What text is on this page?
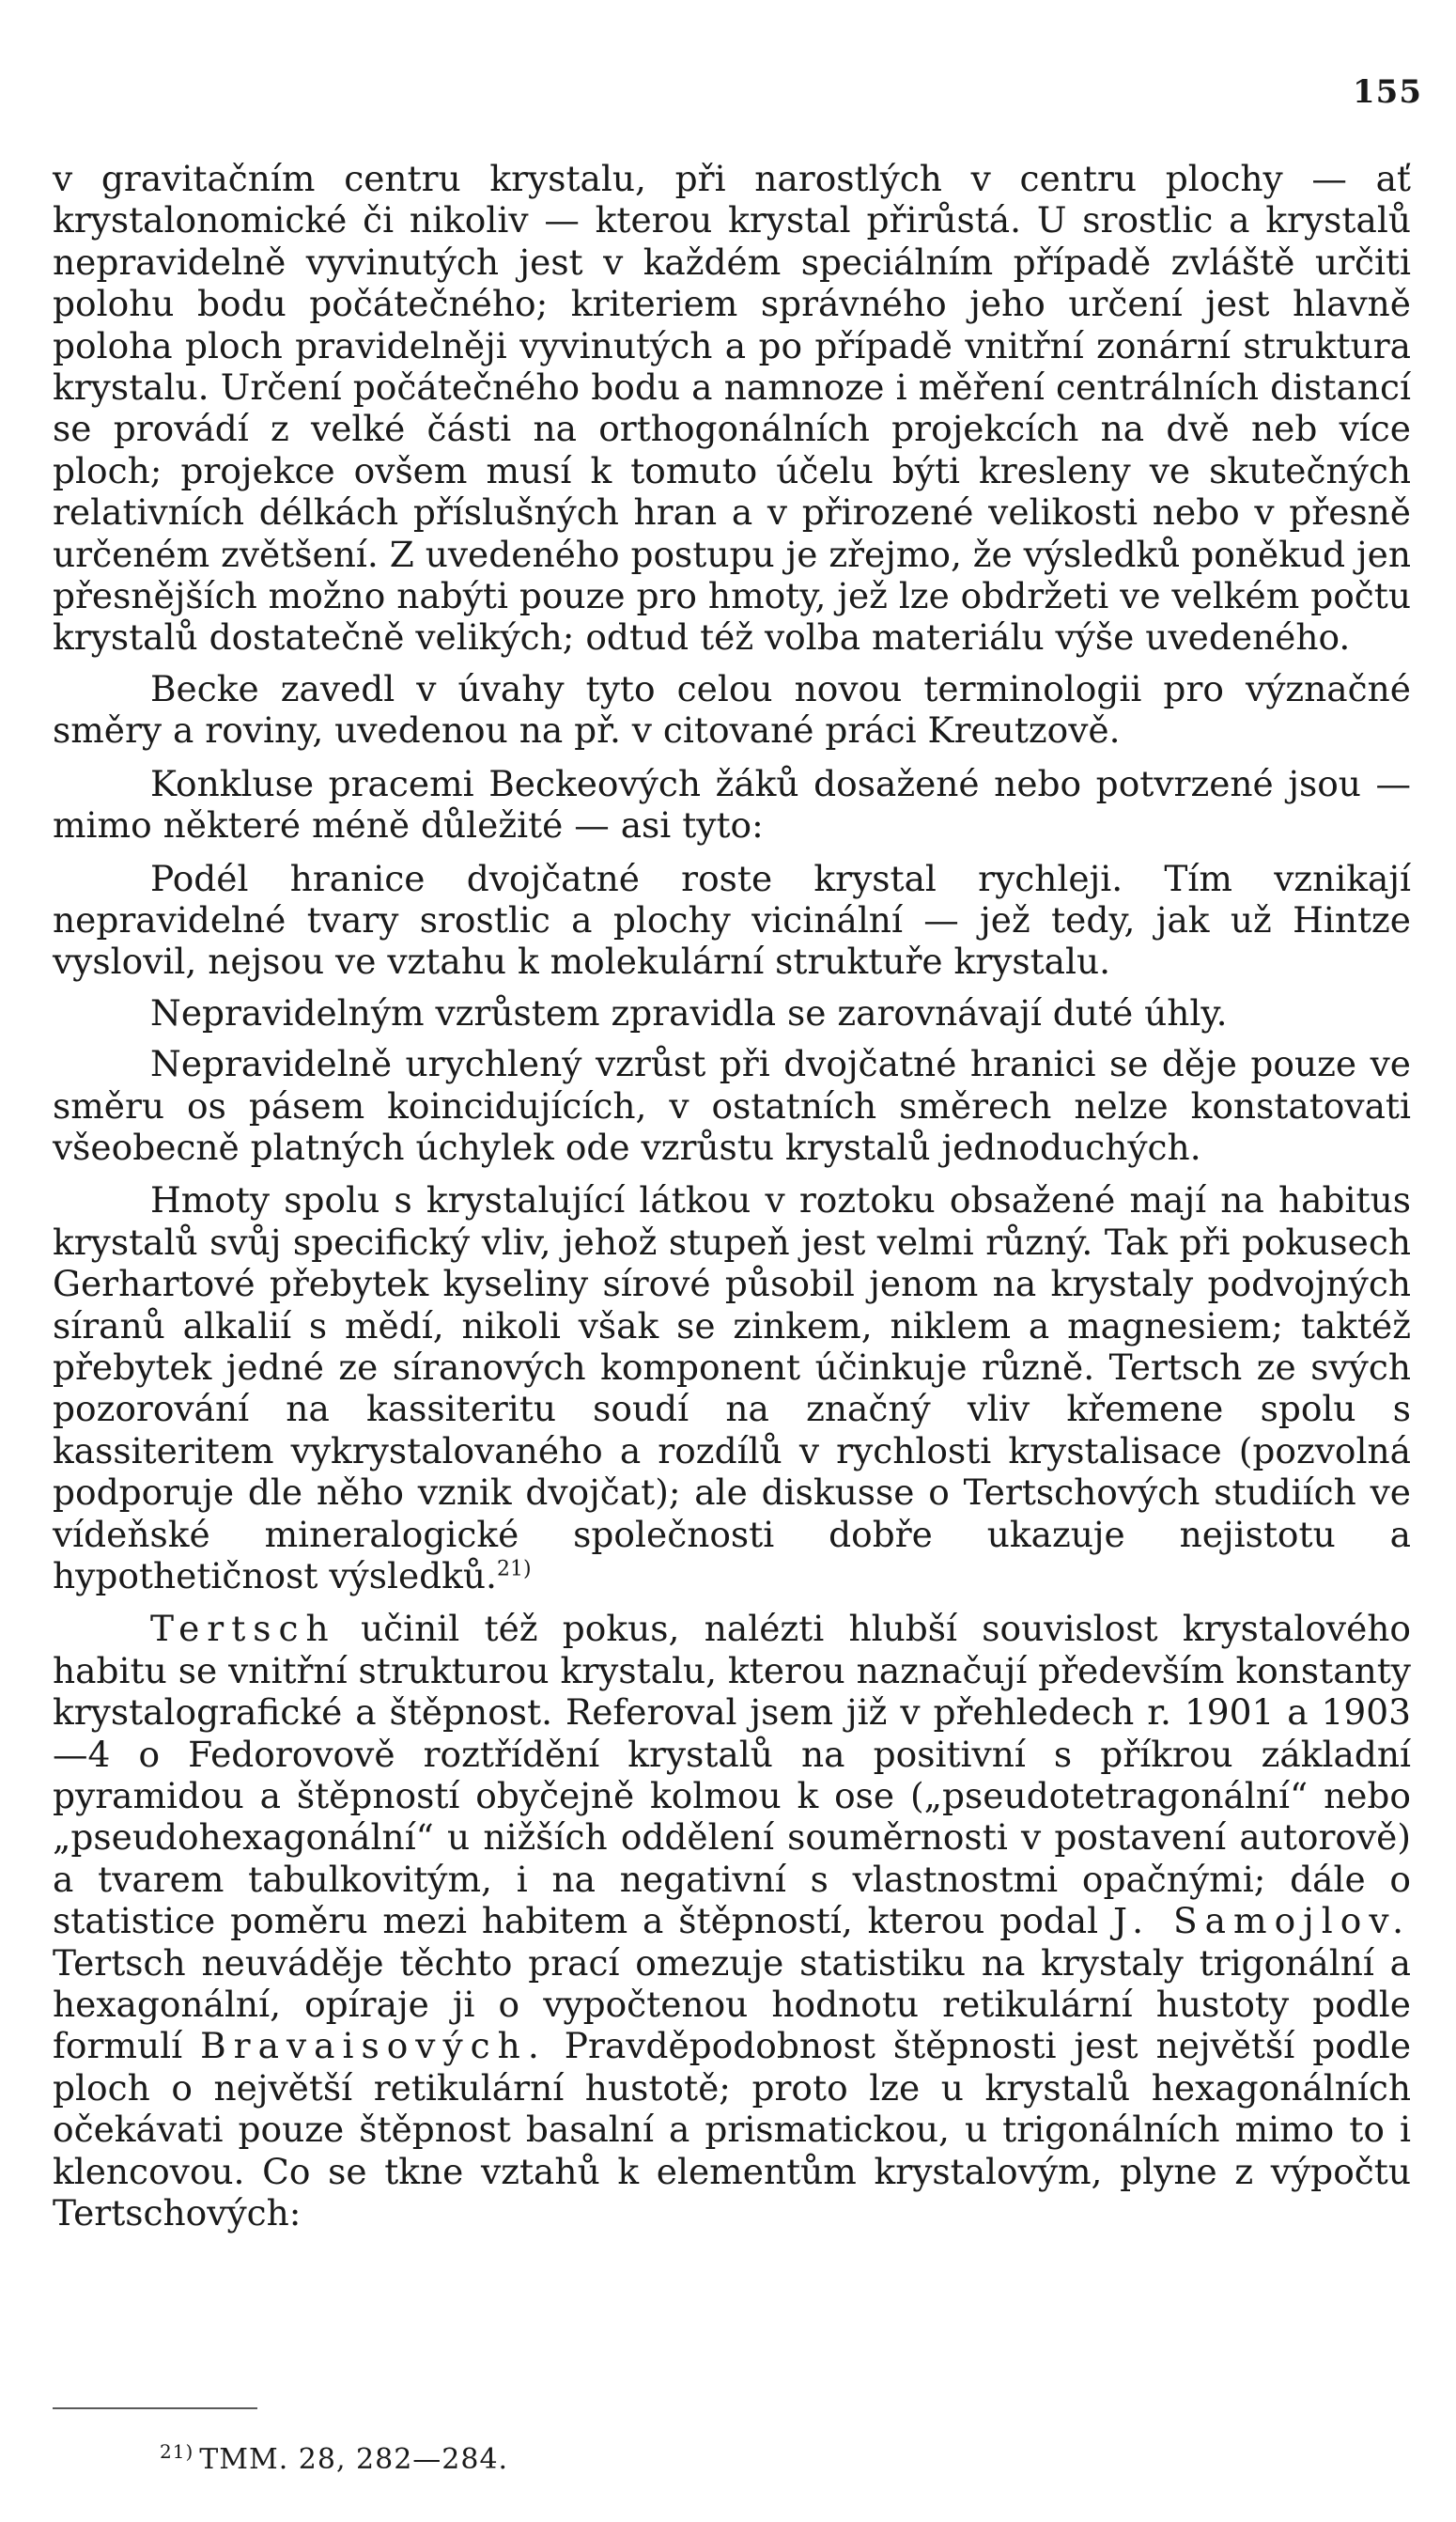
155

v gravitačním centru krystalu, při narostlých v centru plochy — ať krystalonomické či nikoliv — kterou krystal přirůstá. U srostlic a krystalů nepravidelně vyvinutých jest v každém speciálním případě zvláště určiti polohu bodu počátečného; kriteriem správného jeho určení jest hlavně poloha ploch pravidelněji vyvinutých a po případě vnitřní zonární struktura krystalu. Určení počátečného bodu a namnoze i měření centrálních distancí se provádí z velké části na orthogonálních projekcích na dvě neb více ploch; projekce ovšem musí k tomuto účelu býti kresleny ve skutečných relativních délkách příslušných hran a v přirozené velikosti nebo v přesně určeném zvětšení. Z uvedeného postupu je zřejmo, že výsledků poněkud jen přesnějších možno nabýti pouze pro hmoty, jež lze obdržeti ve velkém počtu krystalů dostatečně velikých; odtud též volba materiálu výše uvedeného.

Becke zavedl v úvahy tyto celou novou terminologii pro význačné směry a roviny, uvedenou na př. v citované práci Kreutzově.

Konkluse pracemi Beckeových žáků dosažené nebo potvrzené jsou — mimo některé méně důležité — asi tyto:

Podél hranice dvojčatné roste krystal rychleji. Tím vznikají nepravidelné tvary srostlic a plochy vicinální — jež tedy, jak už Hintze vyslovil, nejsou ve vztahu k molekulární struktuře krystalu.

Nepravidelným vzrůstem zpravidla se zarovnávají duté úhly.

Nepravidelně urychlený vzrůst při dvojčatné hranici se děje pouze ve směru os pásem koincidujících, v ostatních směrech nelze konstatovati všeobecně platných úchylek ode vzrůstu krystalů jednoduchých.

Hmoty spolu s krystalující látkou v roztoku obsažené mají na habitus krystalů svůj specifický vliv, jehož stupeň jest velmi různý. Tak při pokusech Gerhartové přebytek kyseliny sírové působil jenom na krystaly podvojných síranů alkalií s mědí, nikoli však se zinkem, niklem a magnesiem; taktéž přebytek jedné ze síranových komponent účinkuje různě. Tertsch ze svých pozorování na kassiteritu soudí na značný vliv křemene spolu s kassiteritem vykrystalovaného a rozdílů v rychlosti krystalisace (pozvolná podporuje dle něho vznik dvojčat); ale diskusse o Tertschových studiích ve vídeňské mineralogické společnosti dobře ukazuje nejistotu a hypothetičnost výsledků.$^{21)}$

Tertsch učinil též pokus, nalézti hlubší souvislost krystalového habitu se vnitřní strukturou krystalu, kterou naznačují především konstanty krystalografické a štěpnost. Referoval jsem již v přehledech r. 1901 a 1903—4 o Fedorovově roztřídění krystalů na positivní s příkrou základní pyramidou a štěpností obyčejně kolmou k ose („pseudotetragonální“ nebo „pseudohexagonální“ u nižších oddělení souměrnosti v postavení autorově) a tvarem tabulkovitým, i na negativní s vlastnostmi opačnými; dále o statistice poměru mezi habitem a štěpností, kterou podal J. Samojlov. Tertsch neuváděje těchto prací omezuje statistiku na krystaly trigonální a hexagonální, opíraje ji o vypočtenou hodnotu retikulární hustoty podle formulí Bravaisových. Pravděpodobnost štěpnosti jest největší podle ploch o největší retikulární hustotě; proto lze u krystalů hexagonálních očekávati pouze štěpnost basalní a prismatickou, u trigonálních mimo to i klencovou. Co se tkne vztahů k elementům krystalovým, plyne z výpočtu Tertschových:

$^{21)}$ TMM. 28, 282—284.
